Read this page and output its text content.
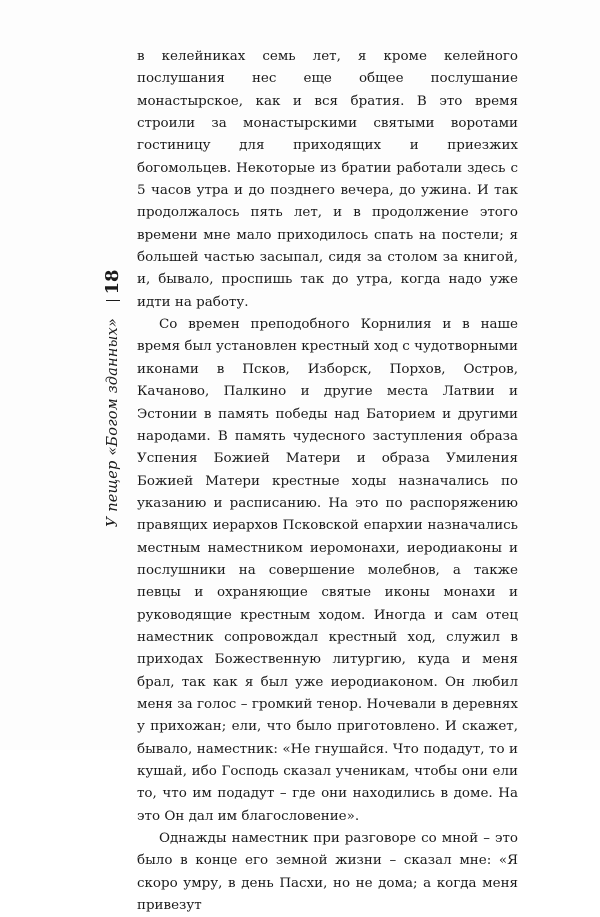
18
У пещер «Богом зданных»

в келейниках семь лет, я кроме келейного послушания нес еще общее послушание монастырское, как и вся братия. В это время строили за монастырскими святыми воротами гостиницу для приходящих и приезжих богомольцев. Некоторые из братии работали здесь с 5 часов утра и до позднего вечера, до ужина. И так продолжалось пять лет, и в продолжение этого времени мне мало приходилось спать на постели; я большей частью засыпал, сидя за столом за книгой, и, бывало, проспишь так до утра, когда надо уже идти на работу.

Со времен преподобного Корнилия и в наше время был установлен крестный ход с чудотворными иконами в Псков, Изборск, Порхов, Остров, Качаново, Палкино и другие места Латвии и Эстонии в память победы над Баторием и другими народами. В память чудесного заступления образа Успения Божией Матери и образа Умиления Божией Матери крестные ходы назначались по указанию и расписанию. На это по распоряжению правящих иерархов Псковской епархии назначались местным наместником иеромонахи, иеродиаконы и послушники на совершение молебнов, а также певцы и охраняющие святые иконы монахи и руководящие крестным ходом. Иногда и сам отец наместник сопровождал крестный ход, служил в приходах Божественную литургию, куда и меня брал, так как я был уже иеродиаконом. Он любил меня за голос – громкий тенор. Ночевали в деревнях у прихожан; ели, что было приготовлено. И скажет, бывало, наместник: «Не гнушайся. Что подадут, то и кушай, ибо Господь сказал ученикам, чтобы они ели то, что им подадут – где они находились в доме. На это Он дал им благословение».

Однажды наместник при разговоре со мной – это было в конце его земной жизни – сказал мне: «Я скоро умру, в день Пасхи, но не дома; а когда меня привезут
